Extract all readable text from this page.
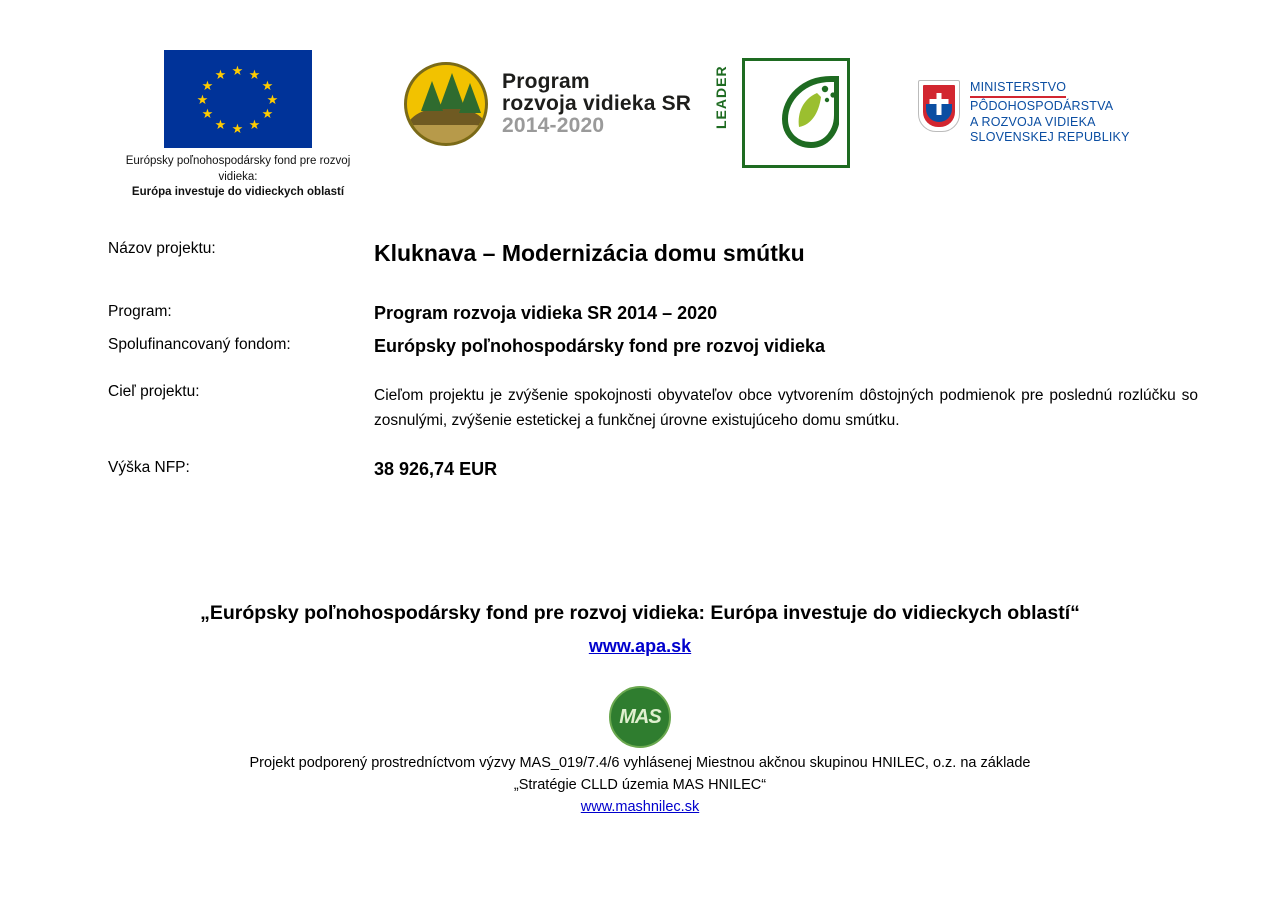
★
★ ★
★	★
★	★
★	★
★ ★
★
Európsky poľnohospodársky fond pre rozvoj vidieka:
Európa investuje do vidieckych oblastí
Program
rozvoja vidieka SR
2014-2020	LEADER	MINISTERSTVO
PÔDOHOSPODÁRSTVA
A ROZVOJA VIDIEKA
SLOVENSKEJ REPUBLIKY
Názov projektu:	Kluknava – Modernizácia domu smútku
Program:	Program rozvoja vidieka SR 2014 – 2020
Spolufinancovaný fondom:	Európsky poľnohospodársky fond pre rozvoj vidieka
Cieľ projektu:	Cieľom projektu je zvýšenie spokojnosti obyvateľov obce vytvorením dôstojných podmienok pre poslednú rozlúčku so zosnulými, zvýšenie estetickej a funkčnej úrovne existujúceho domu smútku.
Výška NFP:	38 926,74 EUR
„Európsky poľnohospodársky fond pre rozvoj vidieka: Európa investuje do vidieckych oblastí“
www.apa.sk
MAS
Projekt podporený prostredníctvom výzvy MAS_019/7.4/6 vyhlásenej Miestnou akčnou skupinou HNILEC, o.z. na základe
„Stratégie CLLD územia MAS HNILEC“
www.mashnilec.sk
